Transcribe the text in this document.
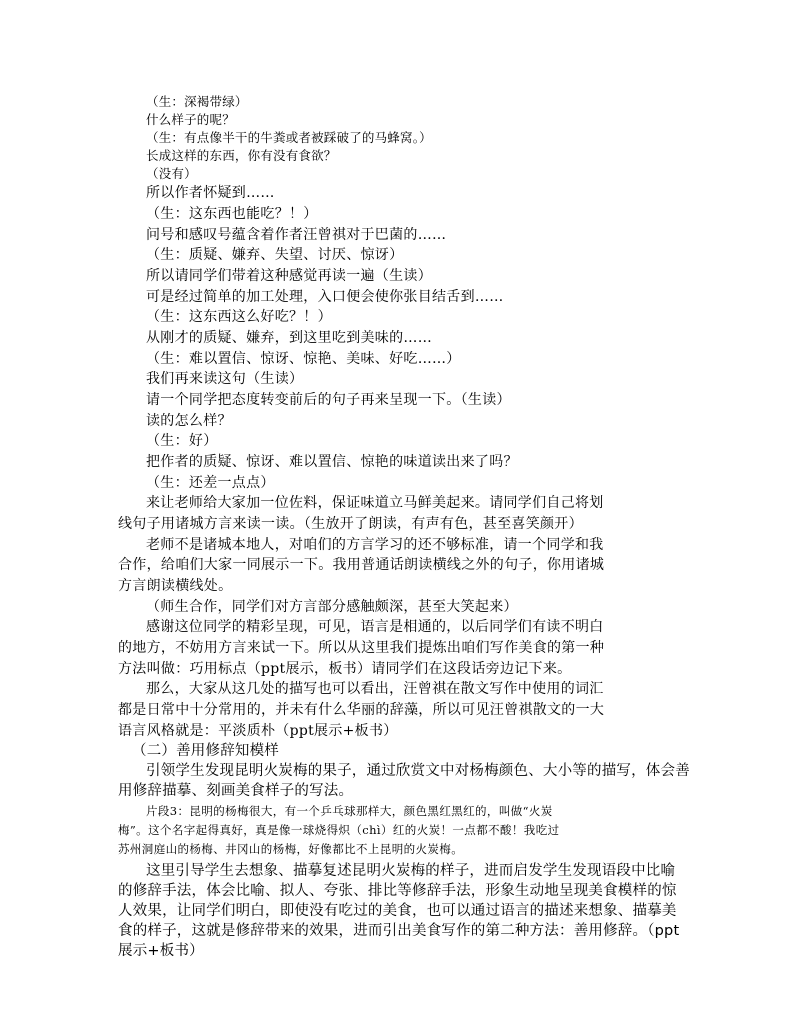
（生：深褐带绿）
什么样子的呢？
（生：有点像半干的牛粪或者被踩破了的马蜂窝。）
长成这样的东西，你有没有食欲？
（没有）
所以作者怀疑到……
（生：这东西也能吃？！）
问号和感叹号蕴含着作者汪曾祺对于巴菌的……
（生：质疑、嫌弃、失望、讨厌、惊讶）
所以请同学们带着这种感觉再读一遍（生读）
可是经过简单的加工处理，入口便会使你张目结舌到……
（生：这东西这么好吃？！）
从刚才的质疑、嫌弃，到这里吃到美味的……
（生：难以置信、惊讶、惊艳、美味、好吃……）
我们再来读这句（生读）
请一个同学把态度转变前后的句子再来呈现一下。（生读）
读的怎么样？
（生：好）
把作者的质疑、惊讶、难以置信、惊艳的味道读出来了吗？
（生：还差一点点）
来让老师给大家加一位佐料，保证味道立马鲜美起来。请同学们自己将划
线句子用诸城方言来读一读。（生放开了朗读，有声有色，甚至喜笑颜开）
老师不是诸城本地人，对咱们的方言学习的还不够标准，请一个同学和我
合作，给咱们大家一同展示一下。我用普通话朗读横线之外的句子，你用诸城
方言朗读横线处。
（师生合作，同学们对方言部分感触颇深，甚至大笑起来）
感谢这位同学的精彩呈现，可见，语言是相通的，以后同学们有读不明白
的地方，不妨用方言来试一下。所以从这里我们提炼出咱们写作美食的第一种
方法叫做：巧用标点（ppt展示，板书）请同学们在这段话旁边记下来。
那么，大家从这几处的描写也可以看出，汪曾祺在散文写作中使用的词汇
都是日常中十分常用的，并未有什么华丽的辞藻，所以可见汪曾祺散文的一大
语言风格就是：平淡质朴（ppt展示+板书）
（二）善用修辞知模样
引领学生发现昆明火炭梅的果子，通过欣赏文中对杨梅颜色、大小等的描写，体会善
用修辞描摹、刻画美食样子的写法。
片段3：昆明的杨梅很大，有一个乒乓球那样大，颜色黑红黑红的，叫做“火炭
梅”。这个名字起得真好，真是像一球烧得炽（chì）红的火炭！一点都不酸！我吃过
苏州洞庭山的杨梅、井冈山的杨梅，好像都比不上昆明的火炭梅。
这里引导学生去想象、描摹复述昆明火炭梅的样子，进而启发学生发现语段中比喻
的修辞手法，体会比喻、拟人、夸张、排比等修辞手法，形象生动地呈现美食模样的惊
人效果，让同学们明白，即使没有吃过的美食，也可以通过语言的描述来想象、描摹美
食的样子，这就是修辞带来的效果，进而引出美食写作的第二种方法：善用修辞。（ppt
展示+板书）
